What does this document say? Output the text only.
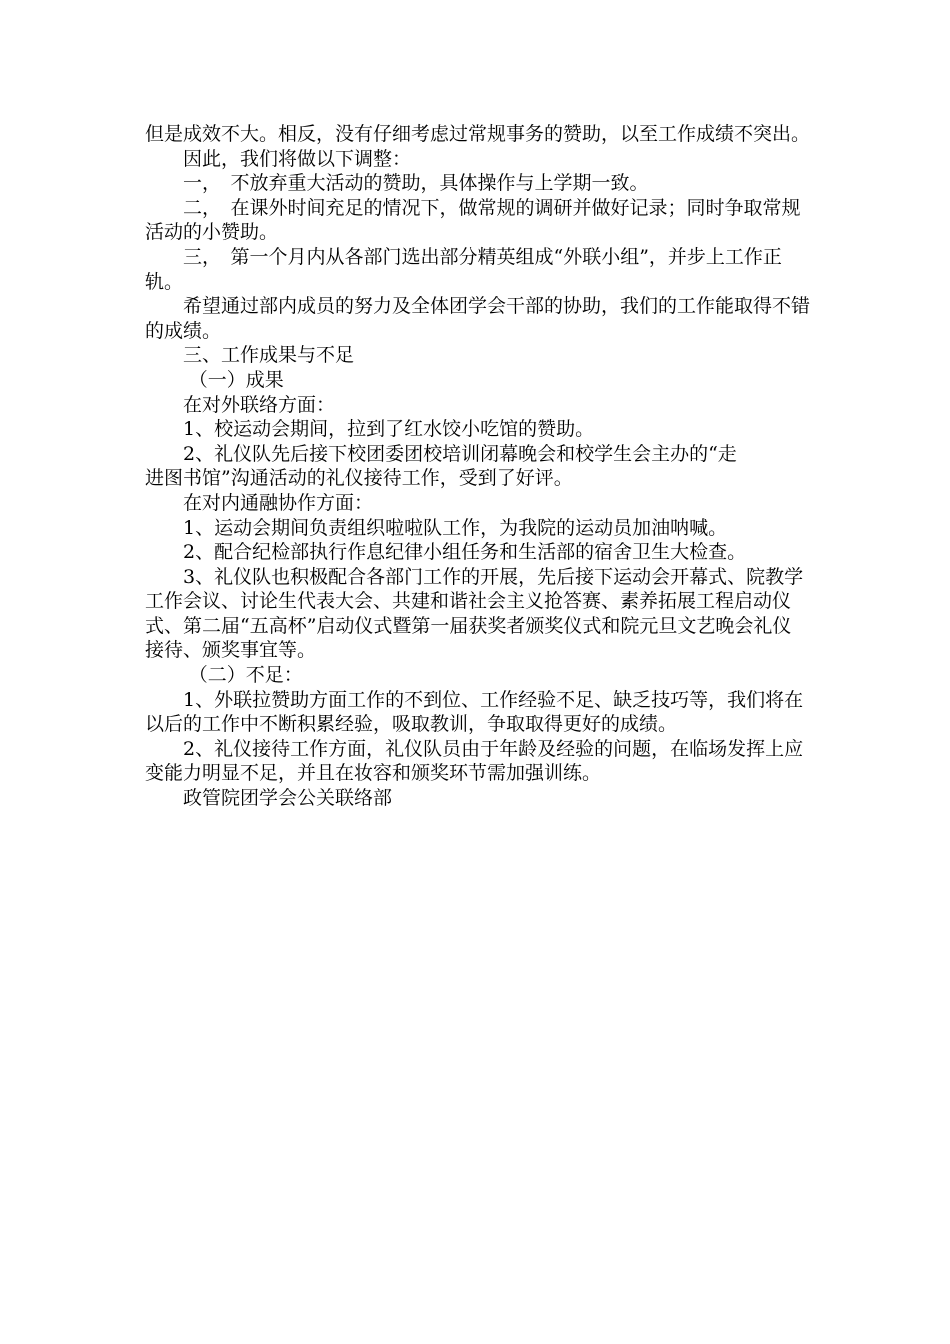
但是成效不大。相反，没有仔细考虑过常规事务的赞助，以至工作成绩不突出。

因此，我们将做以下调整：

一，　不放弃重大活动的赞助，具体操作与上学期一致。

二，　在课外时间充足的情况下，做常规的调研并做好记录；同时争取常规活动的小赞助。

三，　第一个月内从各部门选出部分精英组成“外联小组”，并步上工作正轨。

希望通过部内成员的努力及全体团学会干部的协助，我们的工作能取得不错的成绩。

三、工作成果与不足

（一）成果

在对外联络方面：

1、校运动会期间，拉到了红水饺小吃馆的赞助。

2、礼仪队先后接下校团委团校培训闭幕晚会和校学生会主办的“走

进图书馆”沟通活动的礼仪接待工作，受到了好评。

在对内通融协作方面：

1、运动会期间负责组织啦啦队工作，为我院的运动员加油呐喊。

2、配合纪检部执行作息纪律小组任务和生活部的宿舍卫生大检查。

3、礼仪队也积极配合各部门工作的开展，先后接下运动会开幕式、院教学工作会议、讨论生代表大会、共建和谐社会主义抢答赛、素养拓展工程启动仪式、第二届“五高杯”启动仪式暨第一届获奖者颁奖仪式和院元旦文艺晚会礼仪接待、颁奖事宜等。

（二）不足：

1、外联拉赞助方面工作的不到位、工作经验不足、缺乏技巧等，我们将在以后的工作中不断积累经验，吸取教训，争取取得更好的成绩。

2、礼仪接待工作方面，礼仪队员由于年龄及经验的问题，在临场发挥上应变能力明显不足，并且在妆容和颁奖环节需加强训练。

政管院团学会公关联络部
